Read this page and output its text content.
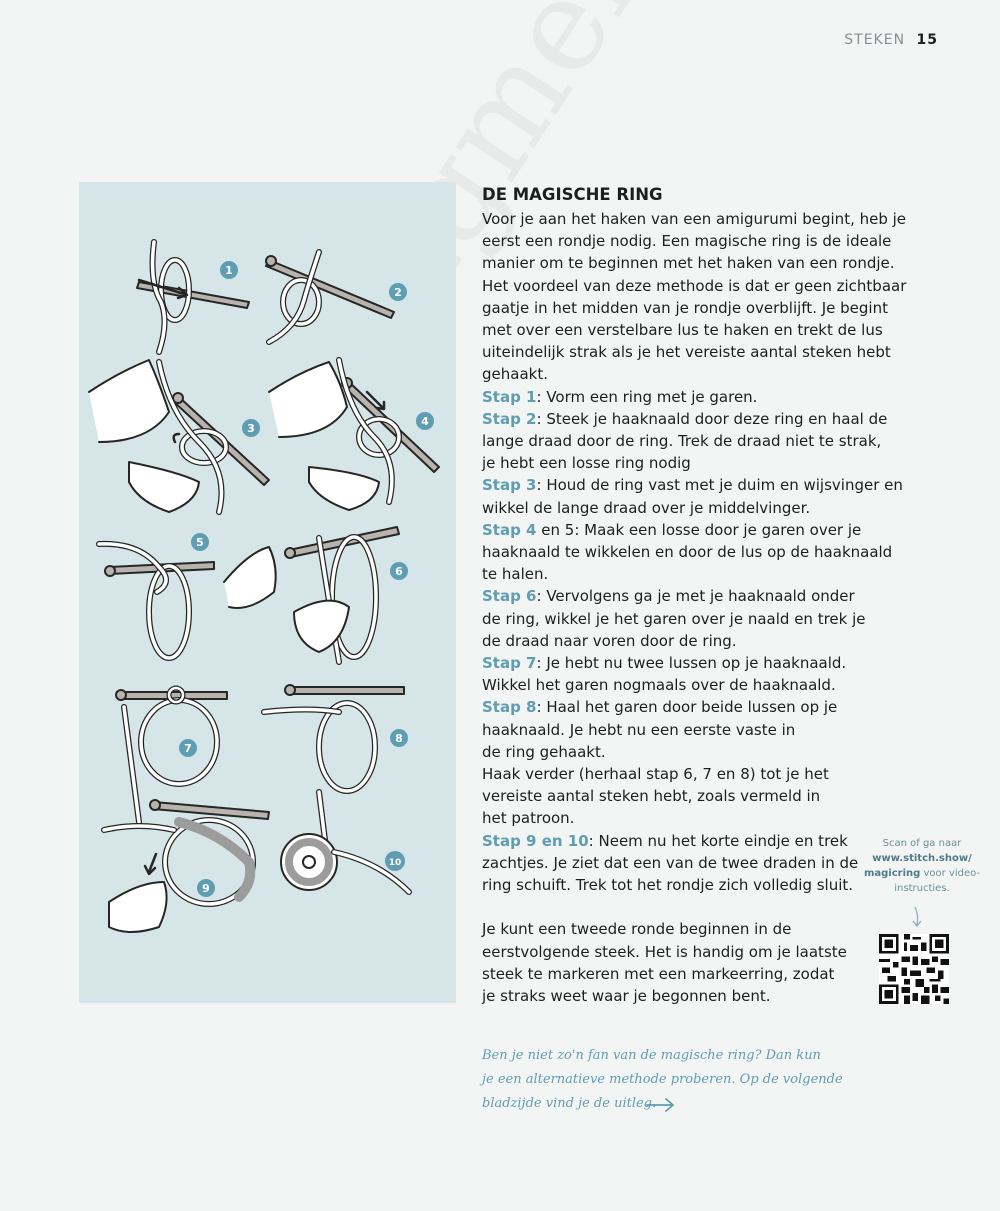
STEKEN 15
1
2
3
4
5
6
7
8
9
10
DE MAGISCHE RING
Voor je aan het haken van een amigurumi begint, heb je
eerst een rondje nodig. Een magische ring is de ideale
manier om te beginnen met het haken van een rondje.
Het voordeel van deze methode is dat er geen zichtbaar
gaatje in het midden van je rondje overblijft. Je begint
met over een verstelbare lus te haken en trekt de lus
uiteindelijk strak als je het vereiste aantal steken hebt
gehaakt.
Stap 1: Vorm een ring met je garen.
Stap 2: Steek je haaknaald door deze ring en haal de
lange draad door de ring. Trek de draad niet te strak,
je hebt een losse ring nodig
Stap 3: Houd de ring vast met je duim en wijsvinger en
wikkel de lange draad over je middelvinger.
Stap 4 en 5: Maak een losse door je garen over je
haaknaald te wikkelen en door de lus op de haaknaald
te halen.
Stap 6: Vervolgens ga je met je haaknaald onder
de ring, wikkel je het garen over je naald en trek je
de draad naar voren door de ring.
Stap 7: Je hebt nu twee lussen op je haaknaald.
Wikkel het garen nogmaals over de haaknaald.
Stap 8: Haal het garen door beide lussen op je
haaknaald. Je hebt nu een eerste vaste in
de ring gehaakt.
Haak verder (herhaal stap 6, 7 en 8) tot je het
vereiste aantal steken hebt, zoals vermeld in
het patroon.
Stap 9 en 10: Neem nu het korte eindje en trek
zachtjes. Je ziet dat een van de twee draden in de
ring schuift. Trek tot het rondje zich volledig sluit.
Je kunt een tweede ronde beginnen in de
eerstvolgende steek. Het is handig om je laatste
steek te markeren met een markeerring, zodat
je straks weet waar je begonnen bent.
Scan of ga naar
www.stitch.show/
magicring voor video-
instructies.
Ben je niet zo'n fan van de magische ring? Dan kun
je een alternatieve methode proberen. Op de volgende
bladzijde vind je de uitleg.
